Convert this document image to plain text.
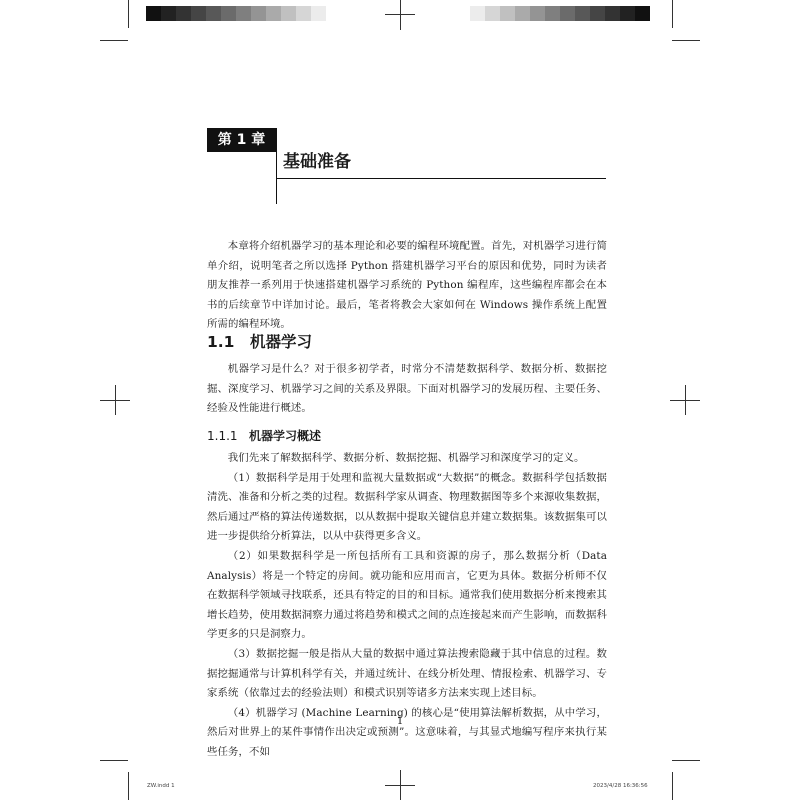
第 1 章
基础准备

本章将介绍机器学习的基本理论和必要的编程环境配置。首先，对机器学习进行简单介绍，说明笔者之所以选择 Python 搭建机器学习平台的原因和优势，同时为读者朋友推荐一系列用于快速搭建机器学习系统的 Python 编程库，这些编程库都会在本书的后续章节中详加讨论。最后，笔者将教会大家如何在 Windows 操作系统上配置所需的编程环境。

1.1 机器学习

机器学习是什么？对于很多初学者，时常分不清楚数据科学、数据分析、数据挖掘、深度学习、机器学习之间的关系及界限。下面对机器学习的发展历程、主要任务、经验及性能进行概述。

1.1.1 机器学习概述

我们先来了解数据科学、数据分析、数据挖掘、机器学习和深度学习的定义。

（1）数据科学是用于处理和监视大量数据或“大数据”的概念。数据科学包括数据清洗、准备和分析之类的过程。数据科学家从调查、物理数据图等多个来源收集数据，然后通过严格的算法传递数据，以从数据中提取关键信息并建立数据集。该数据集可以进一步提供给分析算法，以从中获得更多含义。

（2）如果数据科学是一所包括所有工具和资源的房子，那么数据分析（Data Analysis）将是一个特定的房间。就功能和应用而言，它更为具体。数据分析师不仅在数据科学领域寻找联系，还具有特定的目的和目标。通常我们使用数据分析来搜索其增长趋势，使用数据洞察力通过将趋势和模式之间的点连接起来而产生影响，而数据科学更多的只是洞察力。

（3）数据挖掘一般是指从大量的数据中通过算法搜索隐藏于其中信息的过程。数据挖掘通常与计算机科学有关，并通过统计、在线分析处理、情报检索、机器学习、专家系统（依靠过去的经验法则）和模式识别等诸多方法来实现上述目标。

（4）机器学习 (Machine Learning) 的核心是“使用算法解析数据，从中学习，然后对世界上的某件事情作出决定或预测”。这意味着，与其显式地编写程序来执行某些任务，不如

1
ZW.indd 1	2023/4/28 16:36:56
